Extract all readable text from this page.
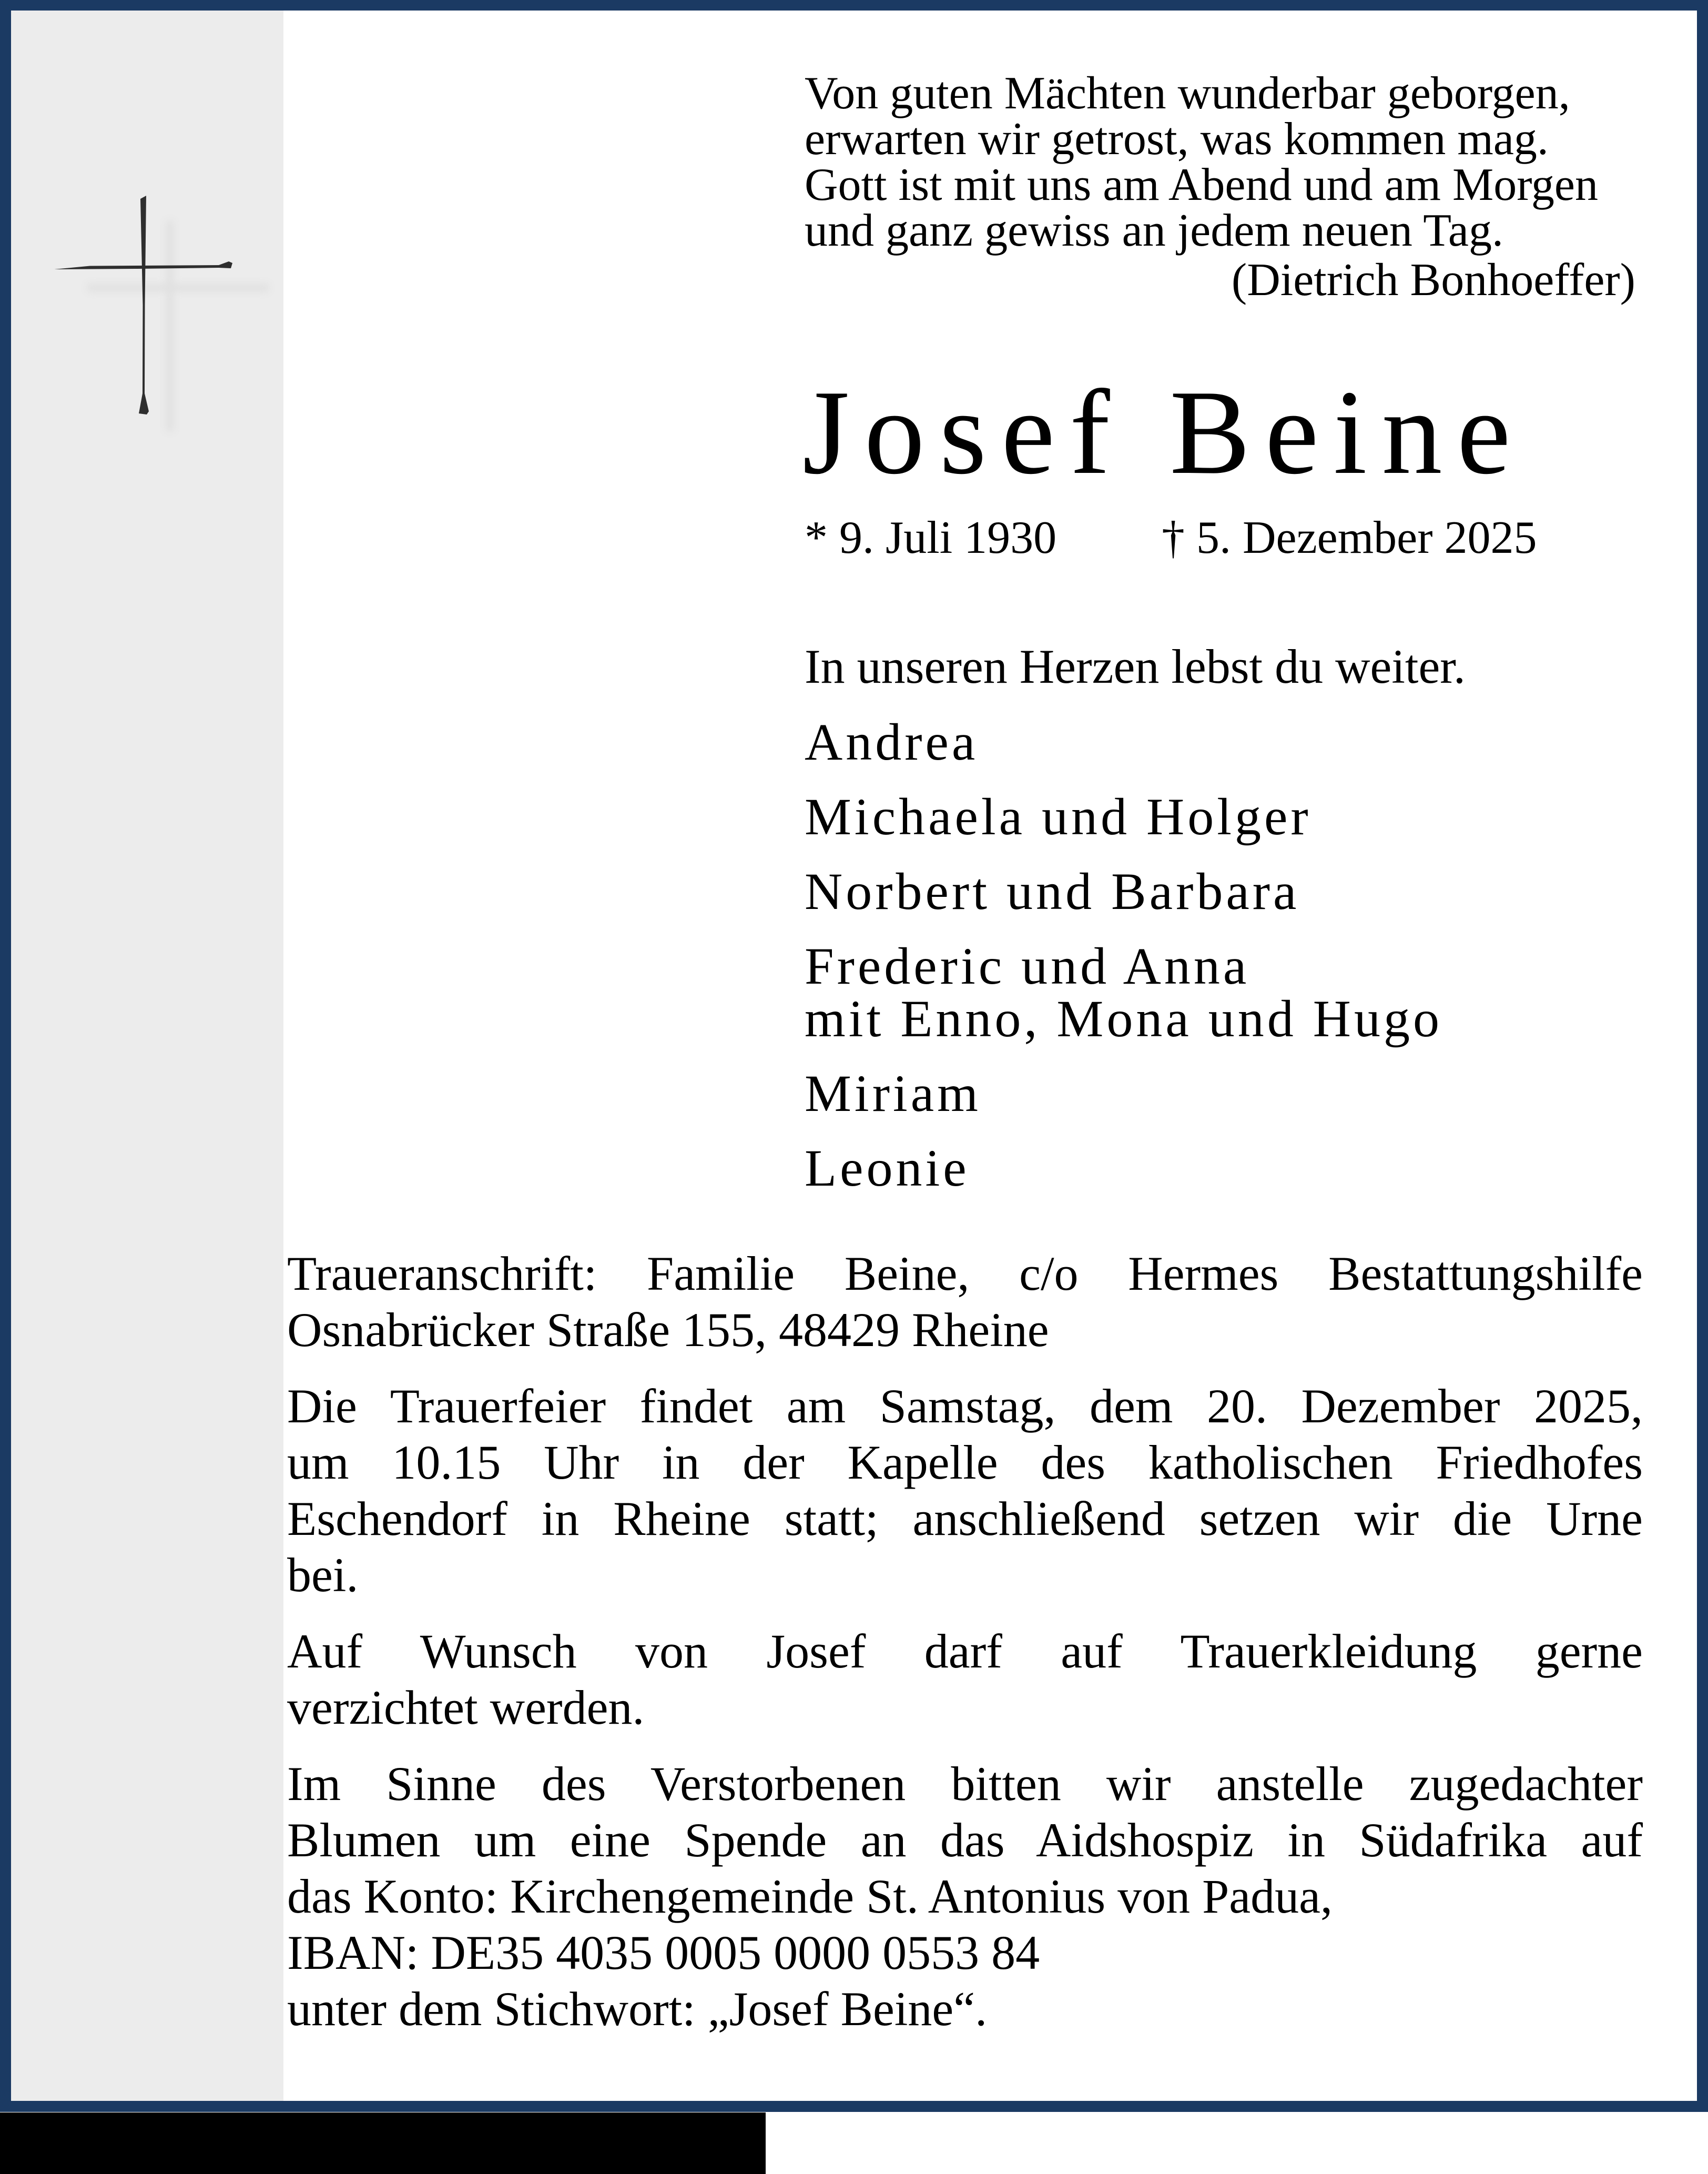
Von guten Mächten wunderbar geborgen,
erwarten wir getrost, was kommen mag.
Gott ist mit uns am Abend und am Morgen
und ganz gewiss an jedem neuen Tag.
(Dietrich Bonhoeffer)
Josef Beine
* 9. Juli 1930 † 5. Dezember 2025
In unseren Herzen lebst du weiter.
Andrea
Michaela und Holger
Norbert und Barbara
Frederic und Anna
mit Enno, Mona und Hugo
Miriam
Leonie
Traueranschrift: Familie Beine, c/o Hermes Bestattungshilfe
Osnabrücker Straße 155, 48429 Rheine
Die Trauerfeier findet am Samstag, dem 20. Dezember 2025,
um 10.15 Uhr in der Kapelle des katholischen Friedhofes
Eschendorf in Rheine statt; anschließend setzen wir die Urne
bei.
Auf Wunsch von Josef darf auf Trauerkleidung gerne
verzichtet werden.
Im Sinne des Verstorbenen bitten wir anstelle zugedachter
Blumen um eine Spende an das Aidshospiz in Südafrika auf
das Konto: Kirchengemeinde St. Antonius von Padua,
IBAN: DE35 4035 0005 0000 0553 84
unter dem Stichwort: „Josef Beine“.
